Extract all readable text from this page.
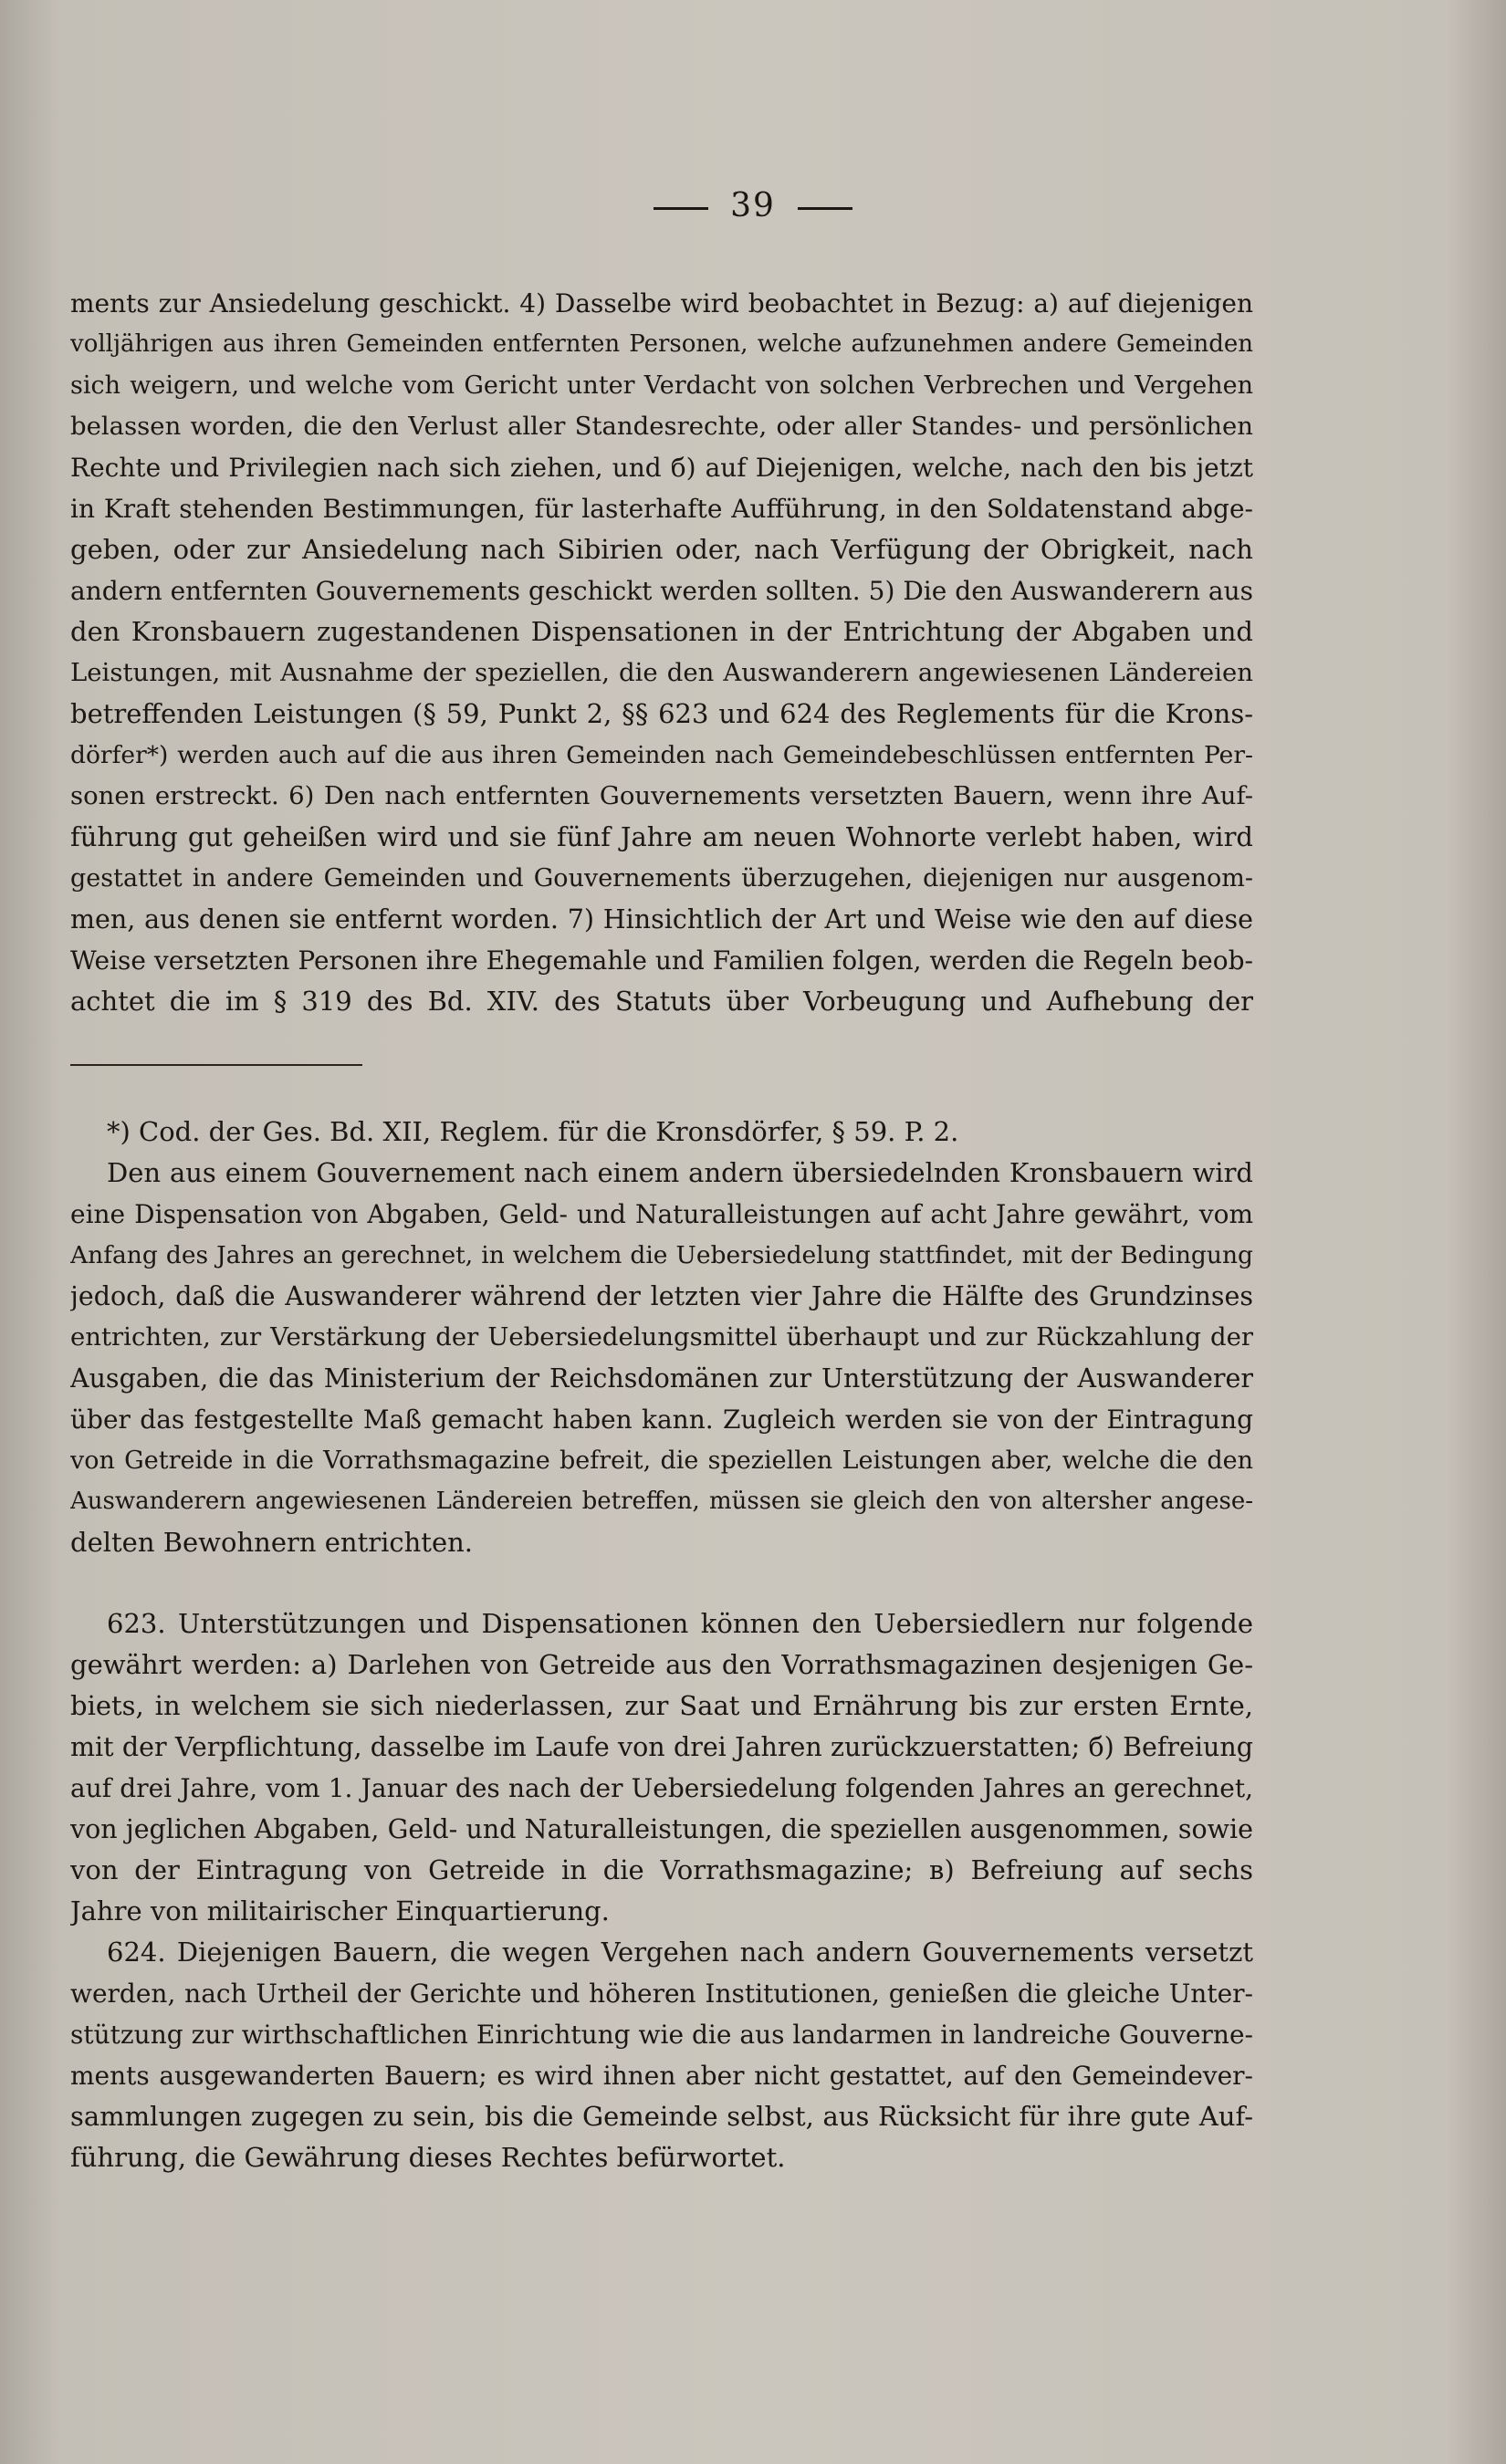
39
ments zur Ansiedelung geschickt. 4) Dasselbe wird beobachtet in Bezug: a) auf diejenigen
volljährigen aus ihren Gemeinden entfernten Personen, welche aufzunehmen andere Gemeinden
sich weigern, und welche vom Gericht unter Verdacht von solchen Verbrechen und Vergehen
belassen worden, die den Verlust aller Standesrechte, oder aller Standes- und persönlichen
Rechte und Privilegien nach sich ziehen, und б) auf Diejenigen, welche, nach den bis jetzt
in Kraft stehenden Bestimmungen, für lasterhafte Aufführung, in den Soldatenstand abge-
geben, oder zur Ansiedelung nach Sibirien oder, nach Verfügung der Obrigkeit, nach
andern entfernten Gouvernements geschickt werden sollten. 5) Die den Auswanderern aus
den Kronsbauern zugestandenen Dispensationen in der Entrichtung der Abgaben und
Leistungen, mit Ausnahme der speziellen, die den Auswanderern angewiesenen Ländereien
betreffenden Leistungen (§ 59, Punkt 2, §§ 623 und 624 des Reglements für die Krons-
dörfer*) werden auch auf die aus ihren Gemeinden nach Gemeindebeschlüssen entfernten Per-
sonen erstreckt. 6) Den nach entfernten Gouvernements versetzten Bauern, wenn ihre Auf-
führung gut geheißen wird und sie fünf Jahre am neuen Wohnorte verlebt haben, wird
gestattet in andere Gemeinden und Gouvernements überzugehen, diejenigen nur ausgenom-
men, aus denen sie entfernt worden. 7) Hinsichtlich der Art und Weise wie den auf diese
Weise versetzten Personen ihre Ehegemahle und Familien folgen, werden die Regeln beob-
achtet die im § 319 des Bd. XIV. des Statuts über Vorbeugung und Aufhebung der
*) Cod. der Ges. Bd. XII, Reglem. für die Kronsdörfer, § 59. P. 2.
Den aus einem Gouvernement nach einem andern übersiedelnden Kronsbauern wird
eine Dispensation von Abgaben, Geld- und Naturalleistungen auf acht Jahre gewährt, vom
Anfang des Jahres an gerechnet, in welchem die Uebersiedelung stattfindet, mit der Bedingung
jedoch, daß die Auswanderer während der letzten vier Jahre die Hälfte des Grundzinses
entrichten, zur Verstärkung der Uebersiedelungsmittel überhaupt und zur Rückzahlung der
Ausgaben, die das Ministerium der Reichsdomänen zur Unterstützung der Auswanderer
über das festgestellte Maß gemacht haben kann. Zugleich werden sie von der Eintragung
von Getreide in die Vorrathsmagazine befreit, die speziellen Leistungen aber, welche die den
Auswanderern angewiesenen Ländereien betreffen, müssen sie gleich den von altersher angese-
delten Bewohnern entrichten.
623. Unterstützungen und Dispensationen können den Uebersiedlern nur folgende
gewährt werden: a) Darlehen von Getreide aus den Vorrathsmagazinen desjenigen Ge-
biets, in welchem sie sich niederlassen, zur Saat und Ernährung bis zur ersten Ernte,
mit der Verpflichtung, dasselbe im Laufe von drei Jahren zurückzuerstatten; б) Befreiung
auf drei Jahre, vom 1. Januar des nach der Uebersiedelung folgenden Jahres an gerechnet,
von jeglichen Abgaben, Geld- und Naturalleistungen, die speziellen ausgenommen, sowie
von der Eintragung von Getreide in die Vorrathsmagazine; в) Befreiung auf sechs
Jahre von militairischer Einquartierung.
624. Diejenigen Bauern, die wegen Vergehen nach andern Gouvernements versetzt
werden, nach Urtheil der Gerichte und höheren Institutionen, genießen die gleiche Unter-
stützung zur wirthschaftlichen Einrichtung wie die aus landarmen in landreiche Gouverne-
ments ausgewanderten Bauern; es wird ihnen aber nicht gestattet, auf den Gemeindever-
sammlungen zugegen zu sein, bis die Gemeinde selbst, aus Rücksicht für ihre gute Auf-
führung, die Gewährung dieses Rechtes befürwortet.
